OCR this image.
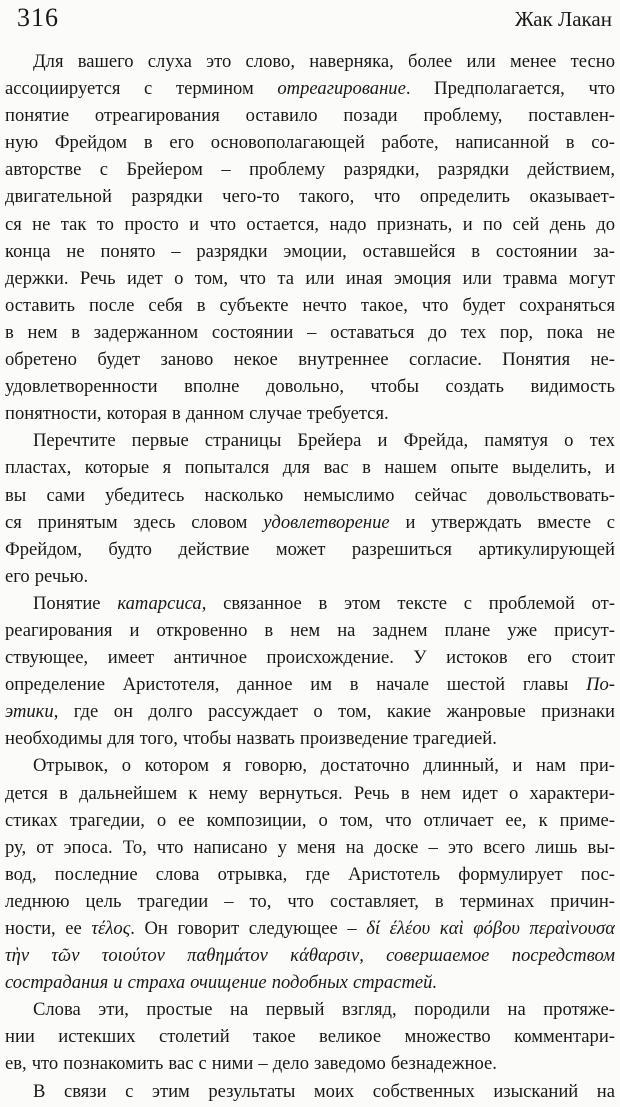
316	Жак Лакан
Для вашего слуха это слово, наверняка, более или менее тесно
ассоциируется с термином отреагирование. Предполагается, что
понятие отреагирования оставило позади проблему, поставлен-
ную Фрейдом в его основополагающей работе, написанной в со-
авторстве с Брейером – проблему разрядки, разрядки действием,
двигательной разрядки чего-то такого, что определить оказывает-
ся не так то просто и что остается, надо признать, и по сей день до
конца не понято – разрядки эмоции, оставшейся в состоянии за-
держки. Речь идет о том, что та или иная эмоция или травма могут
оставить после себя в субъекте нечто такое, что будет сохраняться
в нем в задержанном состоянии – оставаться до тех пор, пока не
обретено будет заново некое внутреннее согласие. Понятия не-
удовлетворенности вполне довольно, чтобы создать видимость
понятности, которая в данном случае требуется.
Перечтите первые страницы Брейера и Фрейда, памятуя о тех
пластах, которые я попытался для вас в нашем опыте выделить, и
вы сами убедитесь насколько немыслимо сейчас довольствовать-
ся принятым здесь словом удовлетворение и утверждать вместе с
Фрейдом, будто действие может разрешиться артикулирующей
его речью.
Понятие катарсиса, связанное в этом тексте с проблемой от-
реагирования и откровенно в нем на заднем плане уже присут-
ствующее, имеет античное происхождение. У истоков его стоит
определение Аристотеля, данное им в начале шестой главы По-
этики, где он долго рассуждает о том, какие жанровые признаки
необходимы для того, чтобы назвать произведение трагедией.
Отрывок, о котором я говорю, достаточно длинный, и нам при-
дется в дальнейшем к нему вернуться. Речь в нем идет о характери-
стиках трагедии, о ее композиции, о том, что отличает ее, к приме-
ру, от эпоса. То, что написано у меня на доске – это всего лишь вы-
вод, последние слова отрывка, где Аристотель формулирует пос-
леднюю цель трагедии – то, что составляет, в терминах причин-
ности, ее τέλος. Он говорит следующее – δί έλέου καὶ φόβου περαὶνουσα
τὴν τῶν τοιούτον παθημάτον κάθαρσιν, совершаемое посредством
сострадания и страха очищение подобных страстей.
Слова эти, простые на первый взгляд, породили на протяже-
нии истекших столетий такое великое множество комментари-
ев, что познакомить вас с ними – дело заведомо безнадежное.
В связи с этим результаты моих собственных изысканий на
